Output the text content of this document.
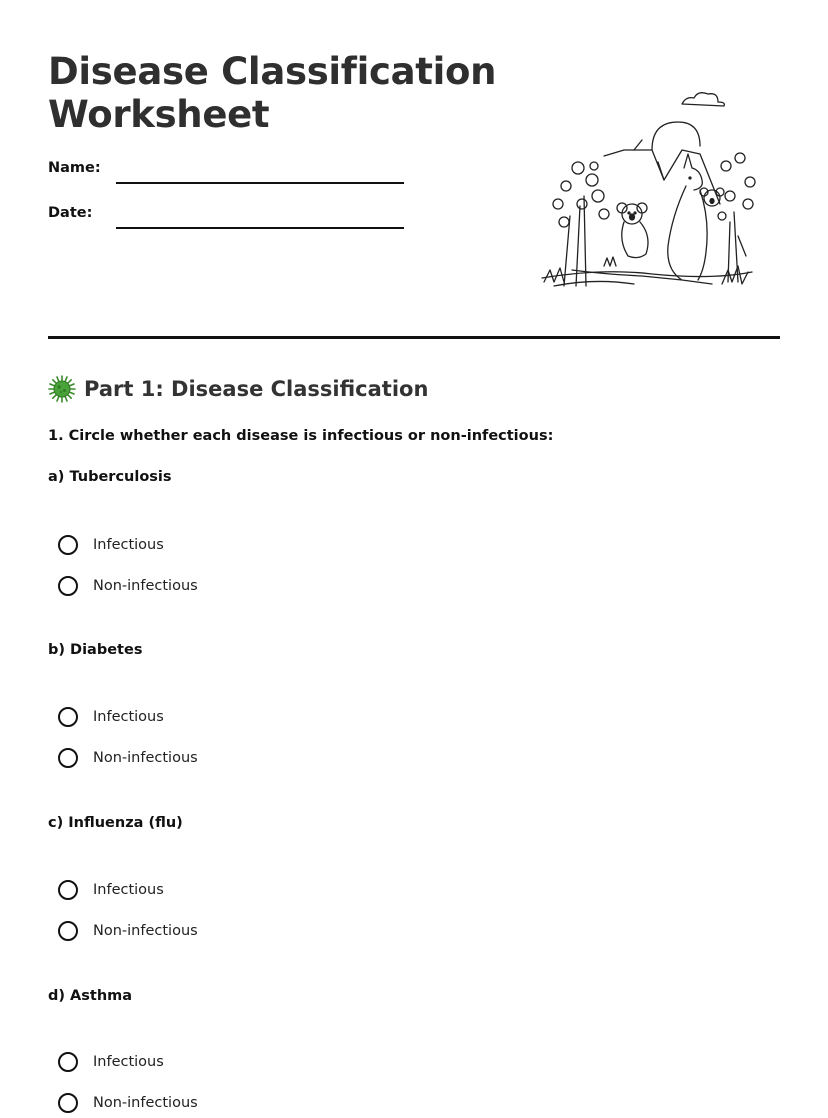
Disease Classification
Worksheet
Name:
Date:
Part 1: Disease Classification
1. Circle whether each disease is infectious or non-infectious:
a) Tuberculosis
Infectious
Non-infectious
b) Diabetes
Infectious
Non-infectious
c) Influenza (flu)
Infectious
Non-infectious
d) Asthma
Infectious
Non-infectious
